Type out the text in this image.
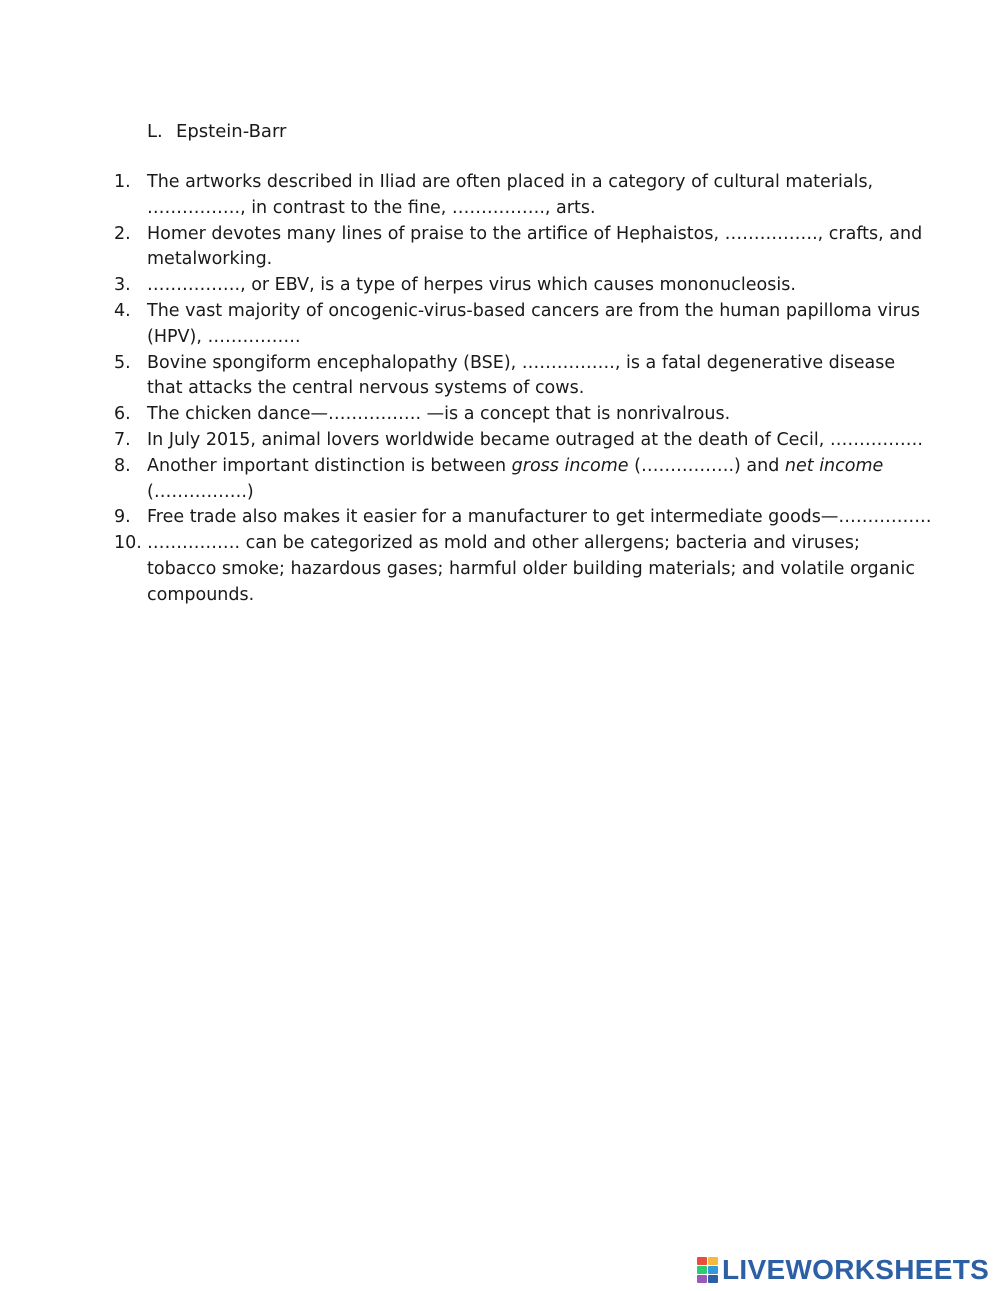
L. Epstein-Barr
1. The artworks described in Iliad are often placed in a category of cultural materials, ……………., in contrast to the fine, ……………., arts.
2. Homer devotes many lines of praise to the artifice of Hephaistos, ……………., crafts, and metalworking.
3. ……………., or EBV, is a type of herpes virus which causes mononucleosis.
4. The vast majority of oncogenic-virus-based cancers are from the human papilloma virus (HPV), …………….
5. Bovine spongiform encephalopathy (BSE), ……………., is a fatal degenerative disease that attacks the central nervous systems of cows.
6. The chicken dance—……………. —is a concept that is nonrivalrous.
7. In July 2015, animal lovers worldwide became outraged at the death of Cecil, …………….
8. Another important distinction is between gross income (…………….) and net income (…………….)
9. Free trade also makes it easier for a manufacturer to get intermediate goods—…………….
10. ……………. can be categorized as mold and other allergens; bacteria and viruses; tobacco smoke; hazardous gases; harmful older building materials; and volatile organic compounds.
LIVEWORKSHEETS
